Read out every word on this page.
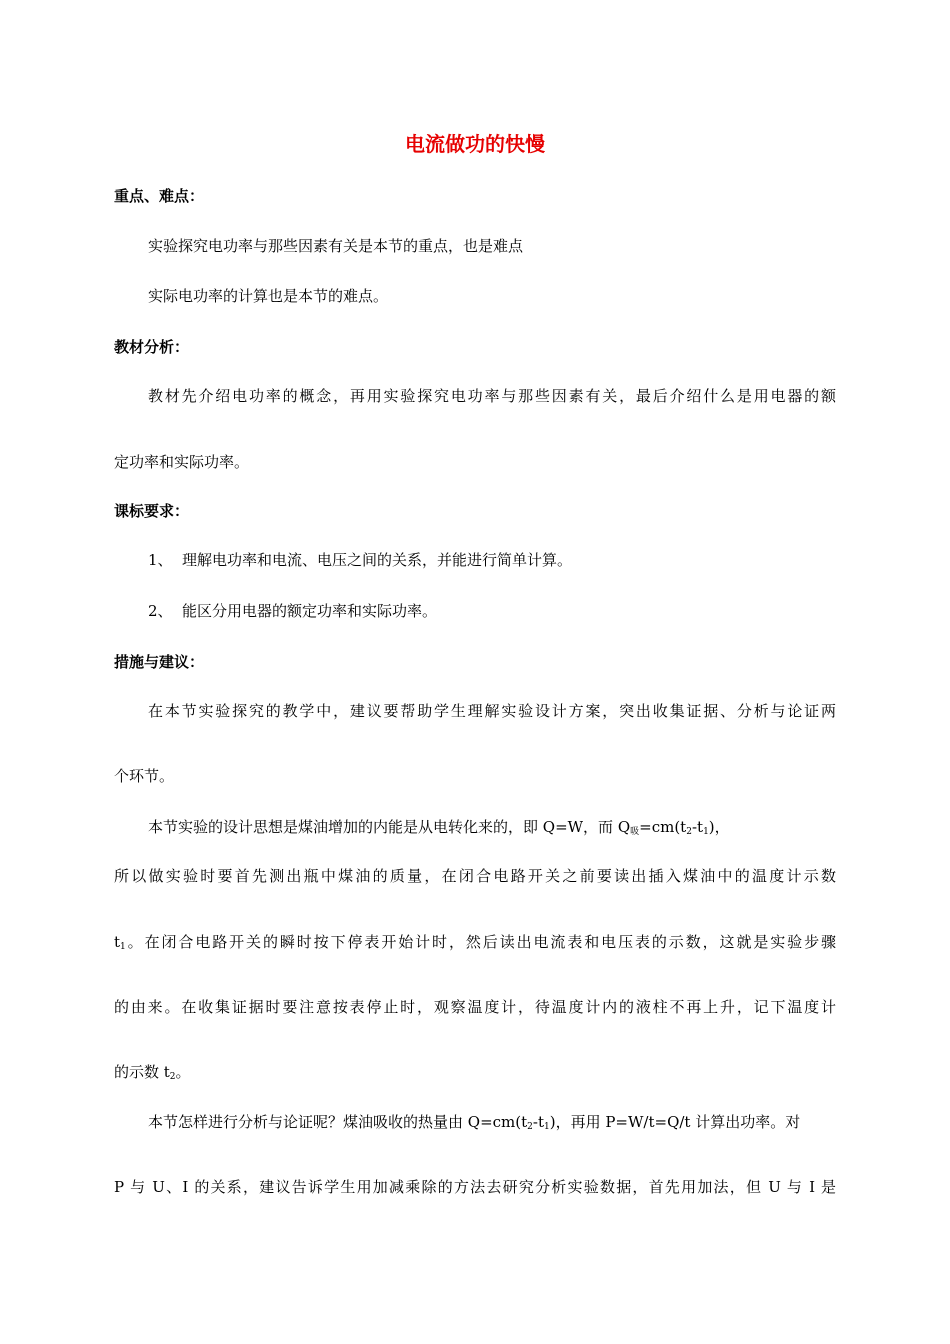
电流做功的快慢
重点、难点：
实验探究电功率与那些因素有关是本节的重点，也是难点
实际电功率的计算也是本节的难点。
教材分析：
教材先介绍电功率的概念，再用实验探究电功率与那些因素有关，最后介绍什么是用电器的额
定功率和实际功率。
课标要求：
1、 理解电功率和电流、电压之间的关系，并能进行简单计算。
2、 能区分用电器的额定功率和实际功率。
措施与建议：
在本节实验探究的教学中，建议要帮助学生理解实验设计方案，突出收集证据、分析与论证两
个环节。
本节实验的设计思想是煤油增加的内能是从电转化来的，即 Q=W，而 $Q_吸=cm(t_2-t_1)$，
所以做实验时要首先测出瓶中煤油的质量，在闭合电路开关之前要读出插入煤油中的温度计示数
$t_1$。在闭合电路开关的瞬时按下停表开始计时，然后读出电流表和电压表的示数，这就是实验步骤
的由来。在收集证据时要注意按表停止时，观察温度计，待温度计内的液柱不再上升，记下温度计
的示数 $t_2$。
本节怎样进行分析与论证呢？煤油吸收的热量由 $Q=cm(t_2-t_1)$，再用 P=W/t=Q/t 计算出功率。对
P 与 U、I 的关系，建议告诉学生用加减乘除的方法去研究分析实验数据，首先用加法，但 U 与 I 是
